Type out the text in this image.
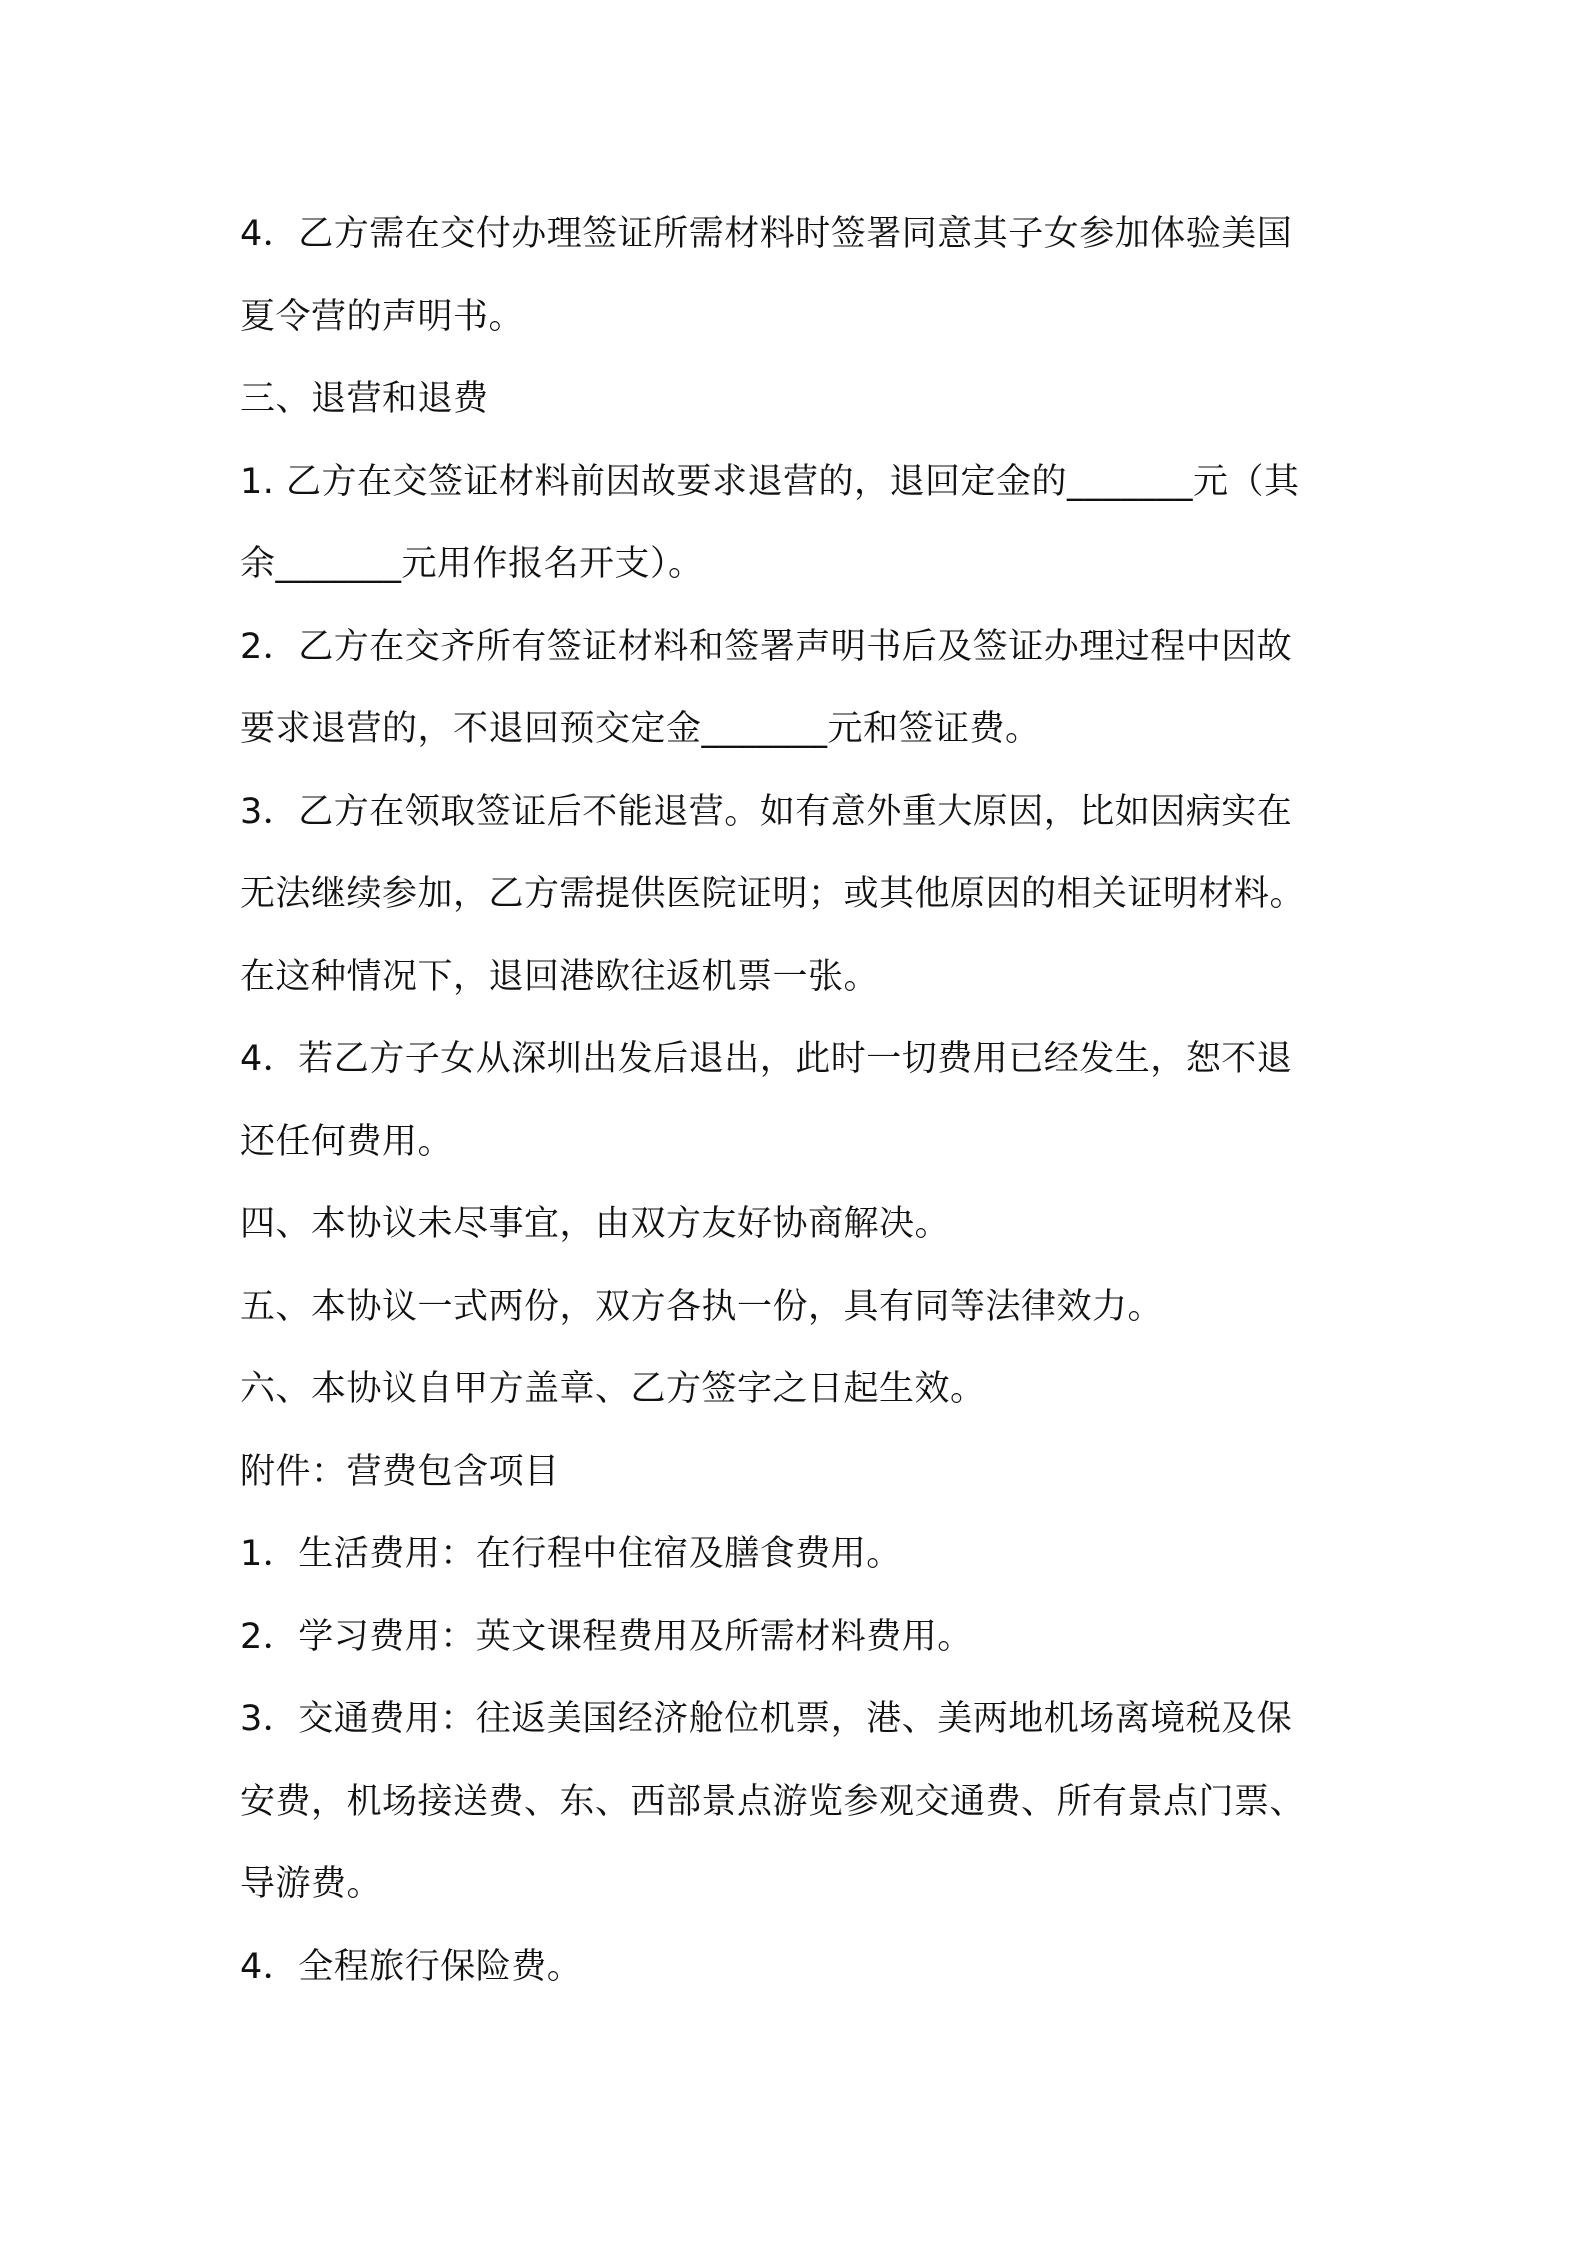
4．乙方需在交付办理签证所需材料时签署同意其子女参加体验美国
夏令营的声明书。
三、退营和退费
1. 乙方在交签证材料前因故要求退营的，退回定金的_______元（其
余_______元用作报名开支）。
2．乙方在交齐所有签证材料和签署声明书后及签证办理过程中因故
要求退营的，不退回预交定金_______元和签证费。
3．乙方在领取签证后不能退营。如有意外重大原因，比如因病实在
无法继续参加，乙方需提供医院证明；或其他原因的相关证明材料。
在这种情况下，退回港欧往返机票一张。
4．若乙方子女从深圳出发后退出，此时一切费用已经发生，恕不退
还任何费用。
四、本协议未尽事宜，由双方友好协商解决。
五、本协议一式两份，双方各执一份，具有同等法律效力。
六、本协议自甲方盖章、乙方签字之日起生效。
附件：营费包含项目
1．生活费用：在行程中住宿及膳食费用。
2．学习费用：英文课程费用及所需材料费用。
3．交通费用：往返美国经济舱位机票，港、美两地机场离境税及保
安费，机场接送费、东、西部景点游览参观交通费、所有景点门票、
导游费。
4．全程旅行保险费。
